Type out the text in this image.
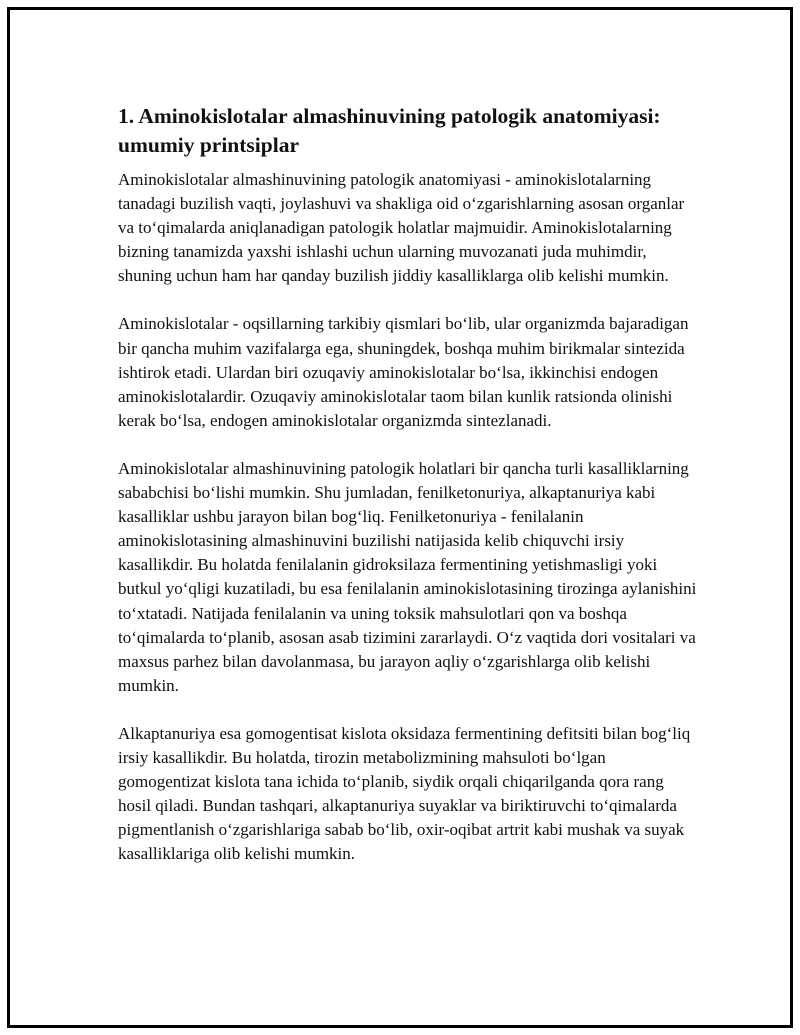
1. Aminokislotalar almashinuvining patologik anatomiyasi: umumiy printsiplar

Aminokislotalar almashinuvining patologik anatomiyasi - aminokislotalarning tanadagi buzilish vaqti, joylashuvi va shakliga oid o‘zgarishlarning asosan organlar va to‘qimalarda aniqlanadigan patologik holatlar majmuidir. Aminokislotalarning bizning tanamizda yaxshi ishlashi uchun ularning muvozanati juda muhimdir, shuning uchun ham har qanday buzilish jiddiy kasalliklarga olib kelishi mumkin.

Aminokislotalar - oqsillarning tarkibiy qismlari bo‘lib, ular organizmda bajaradigan bir qancha muhim vazifalarga ega, shuningdek, boshqa muhim birikmalar sintezida ishtirok etadi. Ulardan biri ozuqaviy aminokislotalar bo‘lsa, ikkinchisi endogen aminokislotalardir. Ozuqaviy aminokislotalar taom bilan kunlik ratsionda olinishi kerak bo‘lsa, endogen aminokislotalar organizmda sintezlanadi.

Aminokislotalar almashinuvining patologik holatlari bir qancha turli kasalliklarning sababchisi bo‘lishi mumkin. Shu jumladan, fenilketonuriya, alkaptanuriya kabi kasalliklar ushbu jarayon bilan bog‘liq. Fenilketonuriya - fenilalanin aminokislotasining almashinuvini buzilishi natijasida kelib chiquvchi irsiy kasallikdir. Bu holatda fenilalanin gidroksilaza fermentining yetishmasligi yoki butkul yo‘qligi kuzatiladi, bu esa fenilalanin aminokislotasining tirozinga aylanishini to‘xtatadi. Natijada fenilalanin va uning toksik mahsulotlari qon va boshqa to‘qimalarda to‘planib, asosan asab tizimini zararlaydi. O‘z vaqtida dori vositalari va maxsus parhez bilan davolanmasa, bu jarayon aqliy o‘zgarishlarga olib kelishi mumkin.

Alkaptanuriya esa gomogentisat kislota oksidaza fermentining defitsiti bilan bog‘liq irsiy kasallikdir. Bu holatda, tirozin metabolizmining mahsuloti bo‘lgan gomogentizat kislota tana ichida to‘planib, siydik orqali chiqarilganda qora rang hosil qiladi. Bundan tashqari, alkaptanuriya suyaklar va biriktiruvchi to‘qimalarda pigmentlanish o‘zgarishlariga sabab bo‘lib, oxir-oqibat artrit kabi mushak va suyak kasalliklariga olib kelishi mumkin.
